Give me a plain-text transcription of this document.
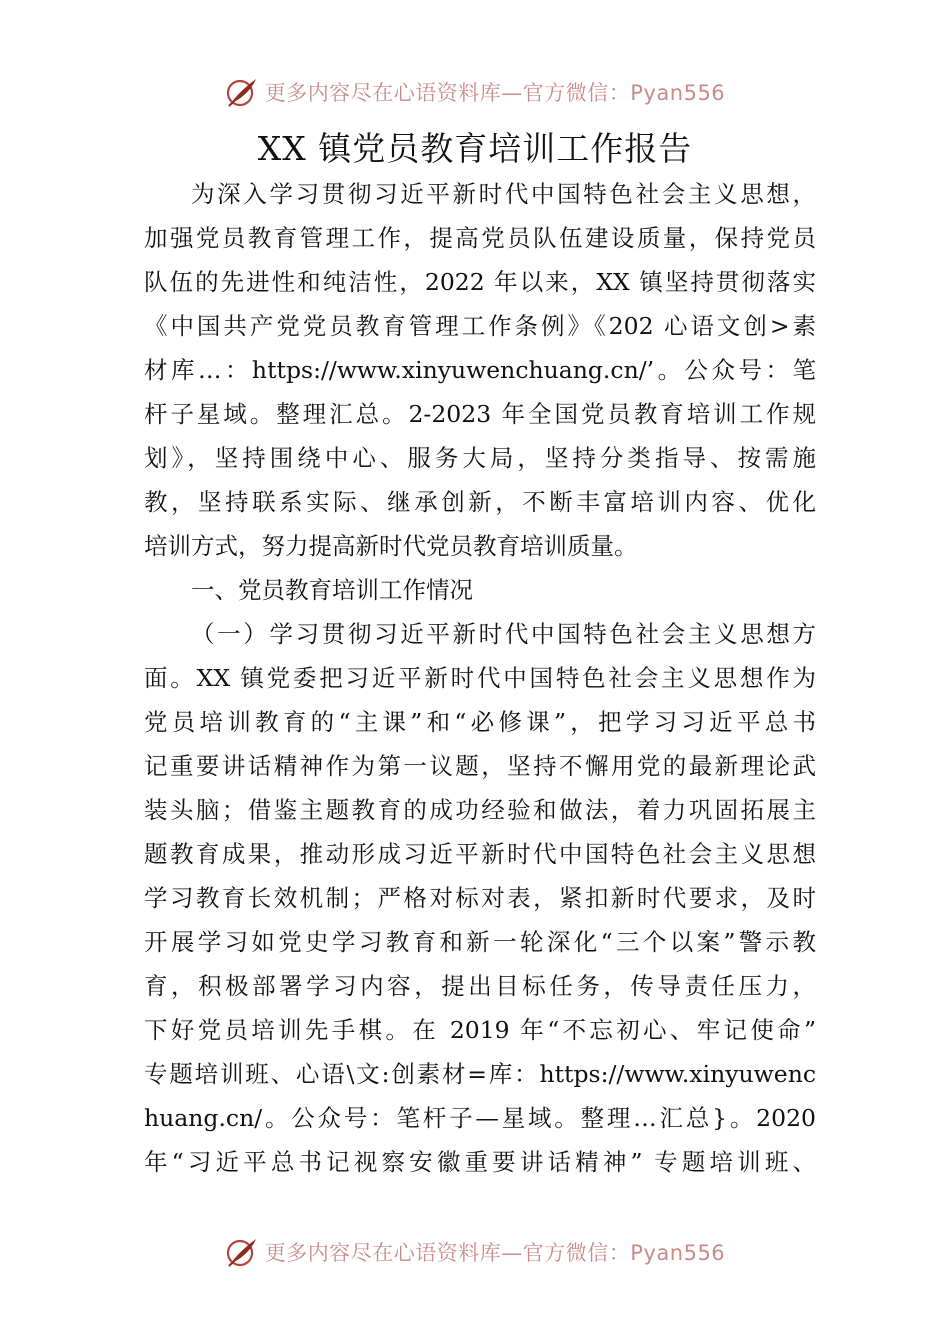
更多内容尽在心语资料库—官方微信：Pyan556
XX 镇党员教育培训工作报告
为深入学习贯彻习近平新时代中国特色社会主义思想，
加强党员教育管理工作，提高党员队伍建设质量，保持党员
队伍的先进性和纯洁性，2022 年以来，XX 镇坚持贯彻落实
《中国共产党党员教育管理工作条例》《202 心语文创>素
材库…：https://www.xinyuwenchuang.cn/’。公众号：笔
杆子星域。整理汇总。2-2023 年全国党员教育培训工作规
划》，坚持围绕中心、服务大局，坚持分类指导、按需施
教，坚持联系实际、继承创新，不断丰富培训内容、优化
培训方式，努力提高新时代党员教育培训质量。
一、党员教育培训工作情况
（一）学习贯彻习近平新时代中国特色社会主义思想方
面。XX 镇党委把习近平新时代中国特色社会主义思想作为
党员培训教育的“主课”和“必修课”，把学习习近平总书
记重要讲话精神作为第一议题，坚持不懈用党的最新理论武
装头脑；借鉴主题教育的成功经验和做法，着力巩固拓展主
题教育成果，推动形成习近平新时代中国特色社会主义思想
学习教育长效机制；严格对标对表，紧扣新时代要求，及时
开展学习如党史学习教育和新一轮深化“三个以案”警示教
育，积极部署学习内容，提出目标任务，传导责任压力，
下好党员培训先手棋。在 2019 年“不忘初心、牢记使命”
专题培训班、心语\文:创素材=库：https://www.xinyuwenc
huang.cn/。公众号：笔杆子—星域。整理…汇总}。2020
年“习近平总书记视察安徽重要讲话精神” 专题培训班、
更多内容尽在心语资料库—官方微信：Pyan556
